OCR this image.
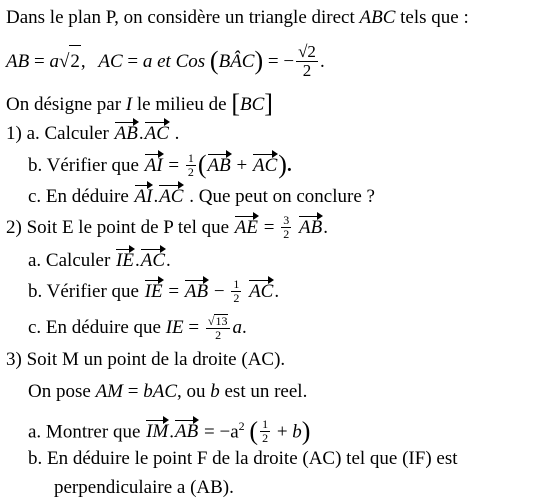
Dans le plan P, on considère un triangle direct ABC tels que :
AB = a √ 2 , AC = a et Cos (BÂC) = − $\frac{√2}{2}$ .
On désigne par I le milieu de [BC]
1) a. Calculer AB.AC .
b. Vérifier que AI = $\frac{1}{2} (AB + AC)$.
c. En déduire AI.AC . Que peut on conclure ?
2) Soit E le point de P tel que AE = $\frac{3}{2}$ AB.
a. Calculer IE.AC.
b. Vérifier que IE = AB − $\frac{1}{2}$ AC.
c. En déduire que IE = $\frac{√ 13}{2} a$.
3) Soit M un point de la droite (AC).
On pose AM = bAC, ou b est un reel.
a. Montrer que $IM.AB = -a^2$ ( $\frac{1}{2} + b$)
b. En déduire le point F de la droite (AC) tel que (IF) est
perpendiculaire a (AB).
